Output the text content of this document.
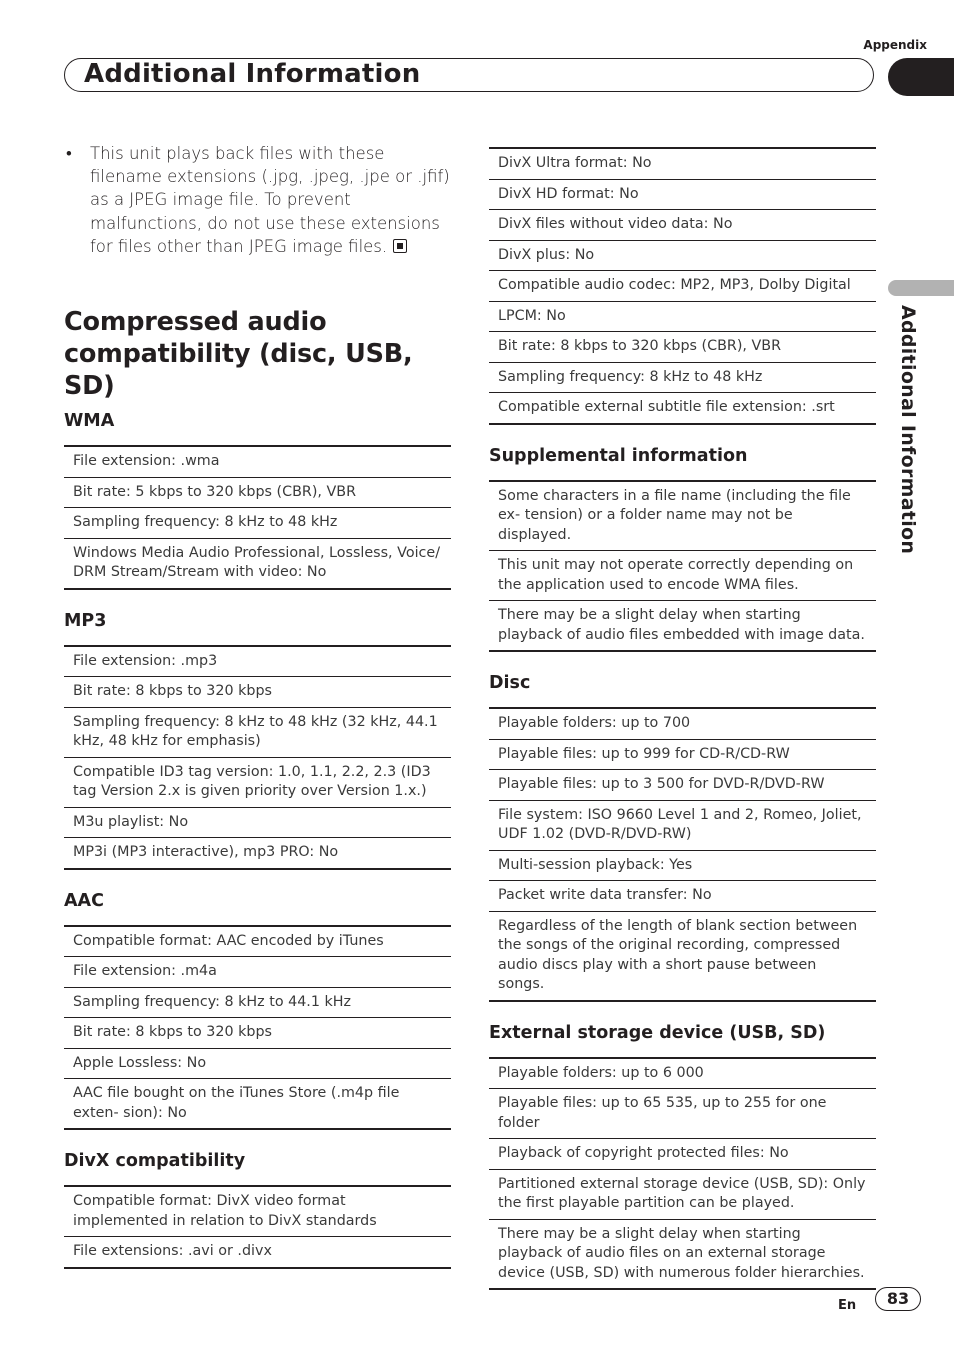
Appendix
Additional Information
Additional Information
• This unit plays back files with these filename extensions (.jpg, .jpeg, .jpe or .jfif) as a JPEG image file. To prevent malfunctions, do not use these extensions for files other than JPEG image files.
Compressed audio compatibility (disc, USB, SD)
WMA
File extension: .wma
Bit rate: 5 kbps to 320 kbps (CBR), VBR
Sampling frequency: 8 kHz to 48 kHz
Windows Media Audio Professional, Lossless, Voice/ DRM Stream/Stream with video: No
MP3
File extension: .mp3
Bit rate: 8 kbps to 320 kbps
Sampling frequency: 8 kHz to 48 kHz (32 kHz, 44.1 kHz, 48 kHz for emphasis)
Compatible ID3 tag version: 1.0, 1.1, 2.2, 2.3 (ID3 tag Version 2.x is given priority over Version 1.x.)
M3u playlist: No
MP3i (MP3 interactive), mp3 PRO: No
AAC
Compatible format: AAC encoded by iTunes
File extension: .m4a
Sampling frequency: 8 kHz to 44.1 kHz
Bit rate: 8 kbps to 320 kbps
Apple Lossless: No
AAC file bought on the iTunes Store (.m4p file exten- sion): No
DivX compatibility
Compatible format: DivX video format implemented in relation to DivX standards
File extensions: .avi or .divx
DivX Ultra format: No
DivX HD format: No
DivX files without video data: No
DivX plus: No
Compatible audio codec: MP2, MP3, Dolby Digital
LPCM: No
Bit rate: 8 kbps to 320 kbps (CBR), VBR
Sampling frequency: 8 kHz to 48 kHz
Compatible external subtitle file extension: .srt
Supplemental information
Some characters in a file name (including the file ex- tension) or a folder name may not be displayed.
This unit may not operate correctly depending on the application used to encode WMA files.
There may be a slight delay when starting playback of audio files embedded with image data.
Disc
Playable folders: up to 700
Playable files: up to 999 for CD-R/CD-RW
Playable files: up to 3 500 for DVD-R/DVD-RW
File system: ISO 9660 Level 1 and 2, Romeo, Joliet, UDF 1.02 (DVD-R/DVD-RW)
Multi-session playback: Yes
Packet write data transfer: No
Regardless of the length of blank section between the songs of the original recording, compressed audio discs play with a short pause between songs.
External storage device (USB, SD)
Playable folders: up to 6 000
Playable files: up to 65 535, up to 255 for one folder
Playback of copyright protected files: No
Partitioned external storage device (USB, SD): Only the first playable partition can be played.
There may be a slight delay when starting playback of audio files on an external storage device (USB, SD) with numerous folder hierarchies.
En	83
